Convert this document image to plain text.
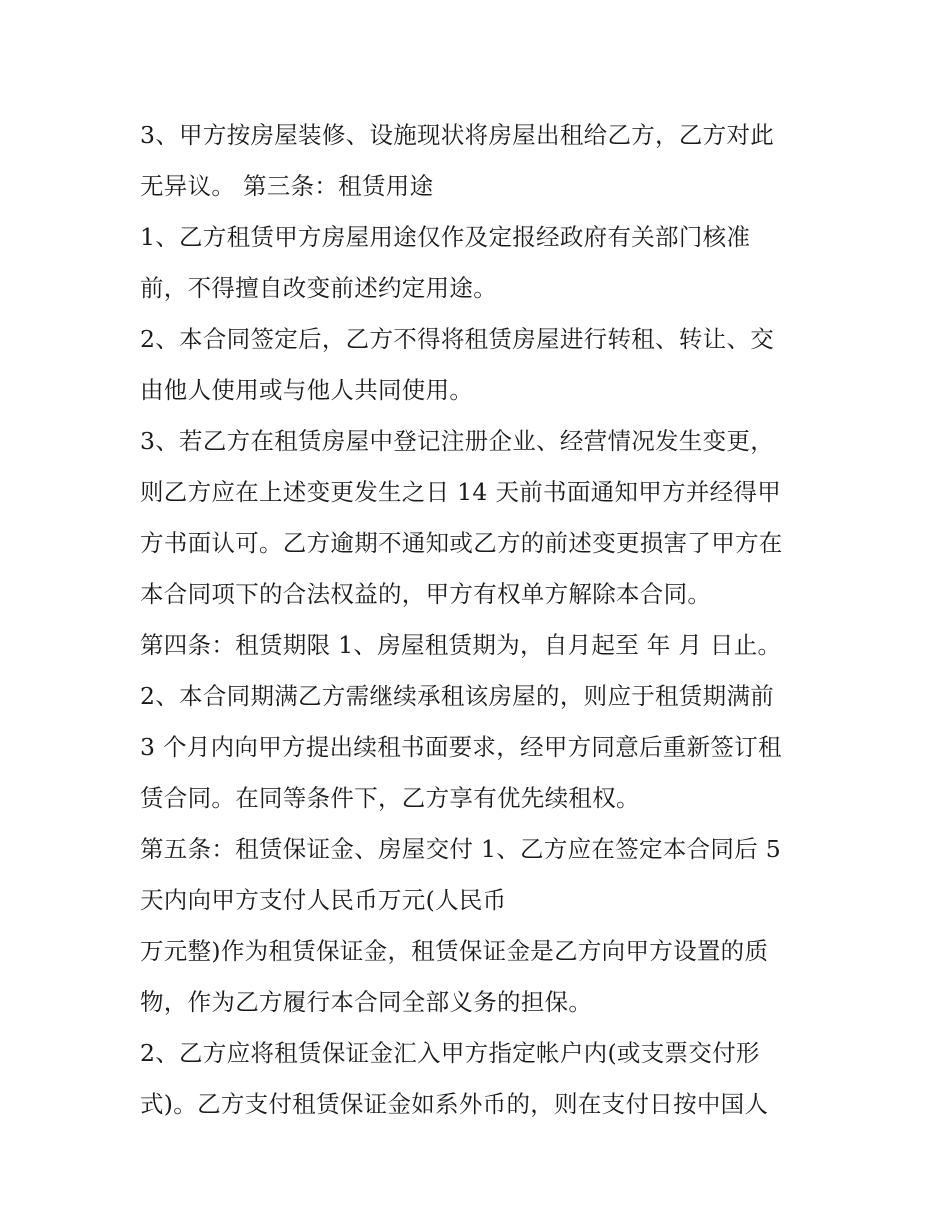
3、甲方按房屋装修、设施现状将房屋出租给乙方，乙方对此
无异议。 第三条：租赁用途
1、乙方租赁甲方房屋用途仅作及定报经政府有关部门核准
前，不得擅自改变前述约定用途。
2、本合同签定后，乙方不得将租赁房屋进行转租、转让、交
由他人使用或与他人共同使用。
3、若乙方在租赁房屋中登记注册企业、经营情况发生变更，
则乙方应在上述变更发生之日 14 天前书面通知甲方并经得甲
方书面认可。乙方逾期不通知或乙方的前述变更损害了甲方在
本合同项下的合法权益的，甲方有权单方解除本合同。
第四条：租赁期限 1、房屋租赁期为，自月起至 年 月 日止。
2、本合同期满乙方需继续承租该房屋的，则应于租赁期满前
3 个月内向甲方提出续租书面要求，经甲方同意后重新签订租
赁合同。在同等条件下，乙方享有优先续租权。
第五条：租赁保证金、房屋交付 1、乙方应在签定本合同后 5
天内向甲方支付人民币万元(人民币
万元整)作为租赁保证金，租赁保证金是乙方向甲方设置的质
物，作为乙方履行本合同全部义务的担保。
2、乙方应将租赁保证金汇入甲方指定帐户内(或支票交付形
式)。乙方支付租赁保证金如系外币的，则在支付日按中国人
